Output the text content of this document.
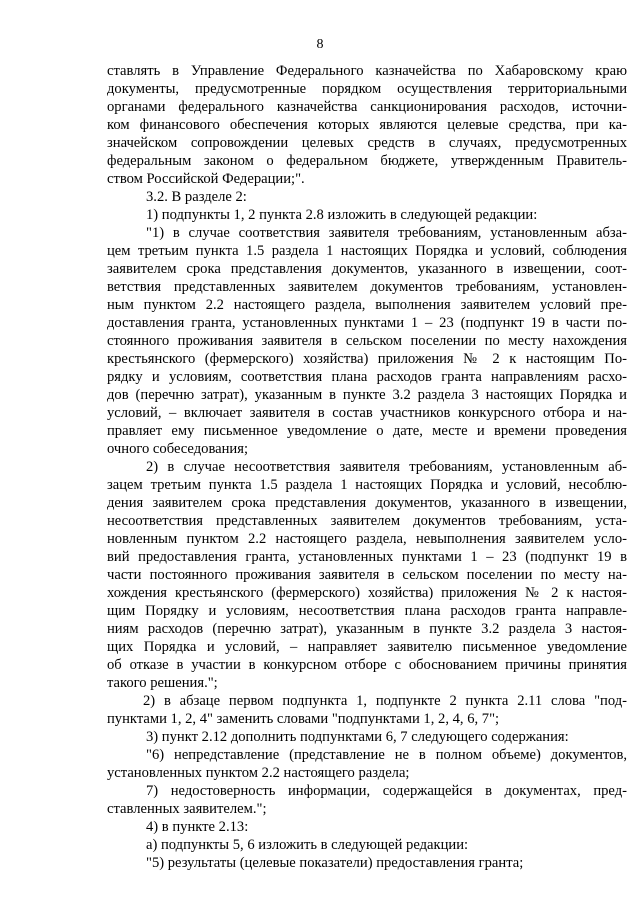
8
ставлять в Управление Федерального казначейства по Хабаровскому краю
документы, предусмотренные порядком осуществления территориальными
органами федерального казначейства санкционирования расходов, источни-
ком финансового обеспечения которых являются целевые средства, при ка-
значейском сопровождении целевых средств в случаях, предусмотренных
федеральным законом о федеральном бюджете, утвержденным Правитель-
ством Российской Федерации;".
3.2. В разделе 2:
1) подпункты 1, 2 пункта 2.8 изложить в следующей редакции:
"1) в случае соответствия заявителя требованиям, установленным абза-
цем третьим пункта 1.5 раздела 1 настоящих Порядка и условий, соблюдения
заявителем срока представления документов, указанного в извещении, соот-
ветствия представленных заявителем документов требованиям, установлен-
ным пунктом 2.2 настоящего раздела, выполнения заявителем условий пре-
доставления гранта, установленных пунктами 1 – 23 (подпункт 19 в части по-
стоянного проживания заявителя в сельском поселении по месту нахождения
крестьянского (фермерского) хозяйства) приложения № 2 к настоящим По-
рядку и условиям, соответствия плана расходов гранта направлениям расхо-
дов (перечню затрат), указанным в пункте 3.2 раздела 3 настоящих Порядка и
условий, – включает заявителя в состав участников конкурсного отбора и на-
правляет ему письменное уведомление о дате, месте и времени проведения
очного собеседования;
2) в случае несоответствия заявителя требованиям, установленным аб-
зацем третьим пункта 1.5 раздела 1 настоящих Порядка и условий, несоблю-
дения заявителем срока представления документов, указанного в извещении,
несоответствия представленных заявителем документов требованиям, уста-
новленным пунктом 2.2 настоящего раздела, невыполнения заявителем усло-
вий предоставления гранта, установленных пунктами 1 – 23 (подпункт 19 в
части постоянного проживания заявителя в сельском поселении по месту на-
хождения крестьянского (фермерского) хозяйства) приложения № 2 к настоя-
щим Порядку и условиям, несоответствия плана расходов гранта направле-
ниям расходов (перечню затрат), указанным в пункте 3.2 раздела 3 настоя-
щих Порядка и условий, – направляет заявителю письменное уведомление
об отказе в участии в конкурсном отборе с обоснованием причины принятия
такого решения.";
2) в абзаце первом подпункта 1, подпункте 2 пункта 2.11 слова "под-
пунктами 1, 2, 4" заменить словами "подпунктами 1, 2, 4, 6, 7";
3) пункт 2.12 дополнить подпунктами 6, 7 следующего содержания:
"6) непредставление (представление не в полном объеме) документов,
установленных пунктом 2.2 настоящего раздела;
7) недостоверность информации, содержащейся в документах, пред-
ставленных заявителем.";
4) в пункте 2.13:
а) подпункты 5, 6 изложить в следующей редакции:
"5) результаты (целевые показатели) предоставления гранта;
